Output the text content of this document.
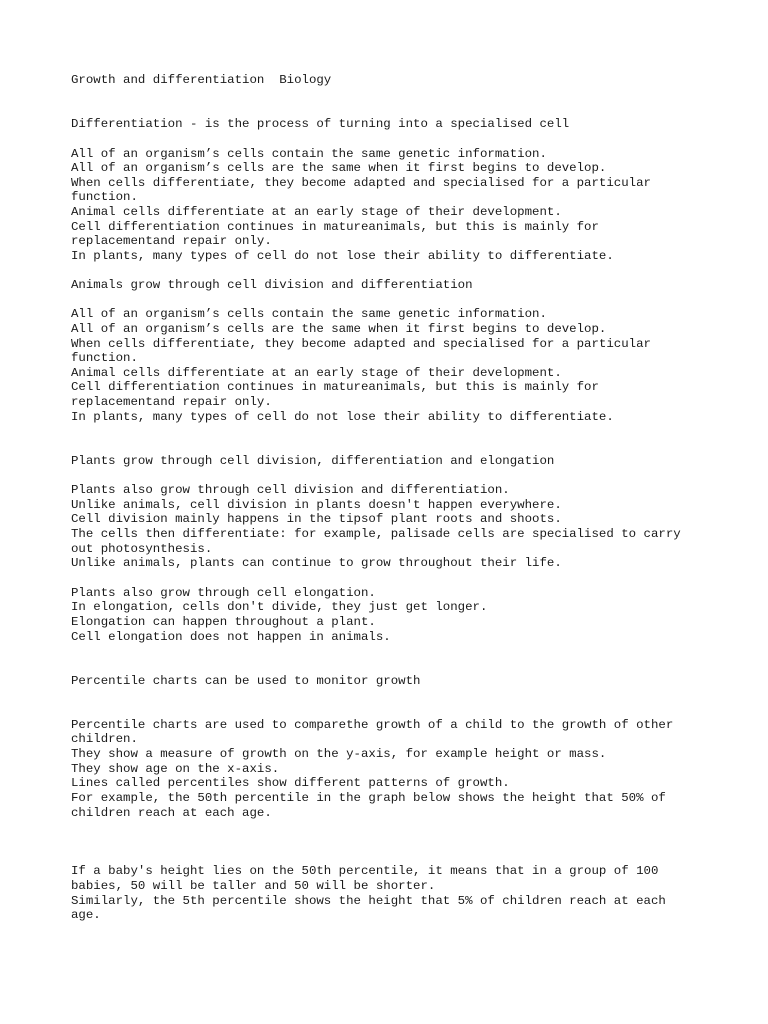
Growth and differentiation  Biology
Differentiation - is the process of turning into a specialised cell
All of an organism’s cells contain the same genetic information.
All of an organism’s cells are the same when it first begins to develop.
When cells differentiate, they become adapted and specialised for a particular
function.
Animal cells differentiate at an early stage of their development.
Cell differentiation continues in matureanimals, but this is mainly for
replacementand repair only.
In plants, many types of cell do not lose their ability to differentiate.
Animals grow through cell division and differentiation
All of an organism’s cells contain the same genetic information.
All of an organism’s cells are the same when it first begins to develop.
When cells differentiate, they become adapted and specialised for a particular
function.
Animal cells differentiate at an early stage of their development.
Cell differentiation continues in matureanimals, but this is mainly for
replacementand repair only.
In plants, many types of cell do not lose their ability to differentiate.
Plants grow through cell division, differentiation and elongation
Plants also grow through cell division and differentiation.
Unlike animals, cell division in plants doesn't happen everywhere.
Cell division mainly happens in the tipsof plant roots and shoots.
The cells then differentiate: for example, palisade cells are specialised to carry
out photosynthesis.
Unlike animals, plants can continue to grow throughout their life.
Plants also grow through cell elongation.
In elongation, cells don't divide, they just get longer.
Elongation can happen throughout a plant.
Cell elongation does not happen in animals.
Percentile charts can be used to monitor growth
Percentile charts are used to comparethe growth of a child to the growth of other
children.
They show a measure of growth on the y-axis, for example height or mass.
They show age on the x-axis.
Lines called percentiles show different patterns of growth.
For example, the 50th percentile in the graph below shows the height that 50% of
children reach at each age.
If a baby's height lies on the 50th percentile, it means that in a group of 100
babies, 50 will be taller and 50 will be shorter.
Similarly, the 5th percentile shows the height that 5% of children reach at each
age.
